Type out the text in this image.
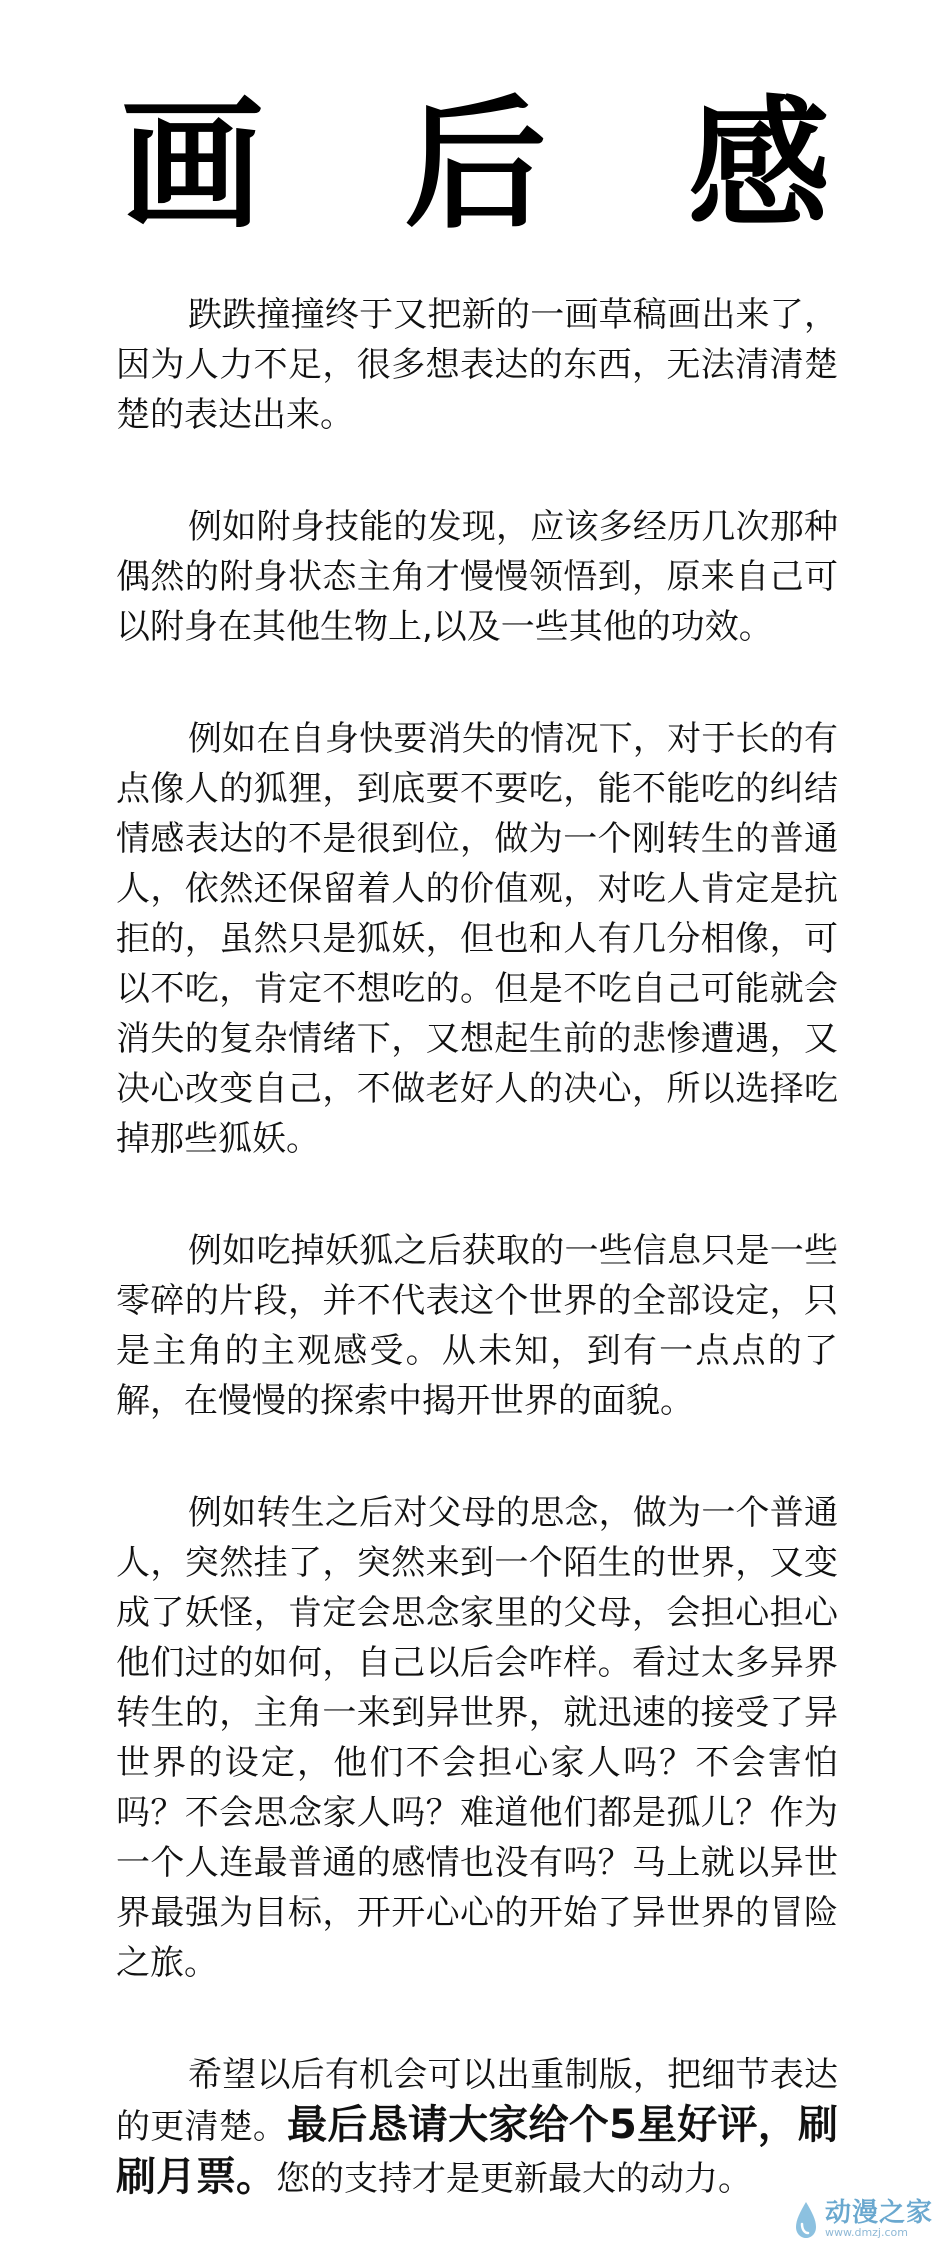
画 后 感

跌跌撞撞终于又把新的一画草稿画出来了，因为人力不足，很多想表达的东西，无法清清楚楚的表达出来。

例如附身技能的发现，应该多经历几次那种偶然的附身状态主角才慢慢领悟到，原来自己可以附身在其他生物上,以及一些其他的功效。

例如在自身快要消失的情况下，对于长的有点像人的狐狸，到底要不要吃，能不能吃的纠结情感表达的不是很到位，做为一个刚转生的普通人，依然还保留着人的价值观，对吃人肯定是抗拒的，虽然只是狐妖，但也和人有几分相像，可以不吃，肯定不想吃的。但是不吃自己可能就会消失的复杂情绪下，又想起生前的悲惨遭遇，又决心改变自己，不做老好人的决心，所以选择吃掉那些狐妖。

例如吃掉妖狐之后获取的一些信息只是一些零碎的片段，并不代表这个世界的全部设定，只是主角的主观感受。从未知，到有一点点的了解，在慢慢的探索中揭开世界的面貌。

例如转生之后对父母的思念，做为一个普通人，突然挂了，突然来到一个陌生的世界，又变成了妖怪，肯定会思念家里的父母，会担心担心他们过的如何，自己以后会咋样。看过太多异界转生的，主角一来到异世界，就迅速的接受了异世界的设定，他们不会担心家人吗？不会害怕吗？不会思念家人吗？难道他们都是孤儿？作为一个人连最普通的感情也没有吗？马上就以异世界最强为目标，开开心心的开始了异世界的冒险之旅。

希望以后有机会可以出重制版，把细节表达的更清楚。最后恳请大家给个5星好评，刷刷月票。您的支持才是更新最大的动力。

动漫之家
www.dmzj.com
